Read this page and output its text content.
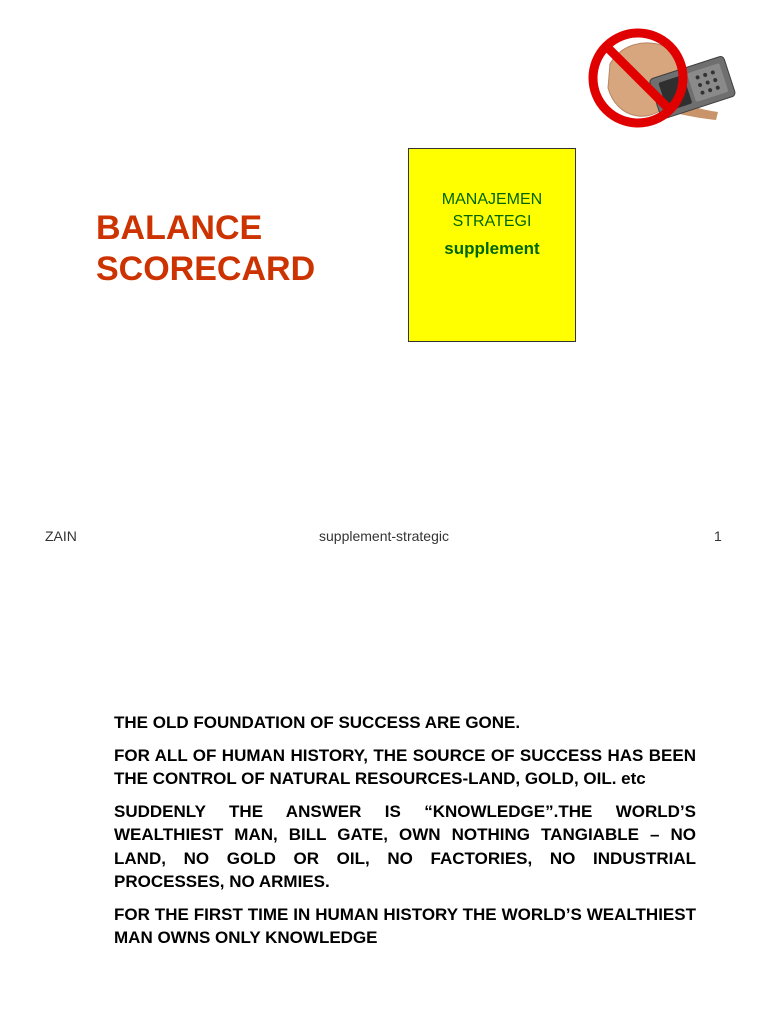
BALANCE
SCORECARD
MANAJEMEN
STRATEGI
supplement
ZAIN	supplement-strategic	1

THE OLD FOUNDATION OF SUCCESS ARE GONE.

FOR ALL OF HUMAN HISTORY, THE SOURCE OF SUCCESS HAS BEEN THE CONTROL OF NATURAL RESOURCES-LAND, GOLD, OIL. etc

SUDDENLY THE ANSWER IS “KNOWLEDGE”.THE WORLD’S WEALTHIEST MAN, BILL GATE, OWN NOTHING TANGIABLE – NO LAND, NO GOLD OR OIL, NO FACTORIES, NO INDUSTRIAL PROCESSES, NO ARMIES.

FOR THE FIRST TIME IN HUMAN HISTORY THE WORLD’S WEALTHIEST MAN OWNS ONLY KNOWLEDGE
